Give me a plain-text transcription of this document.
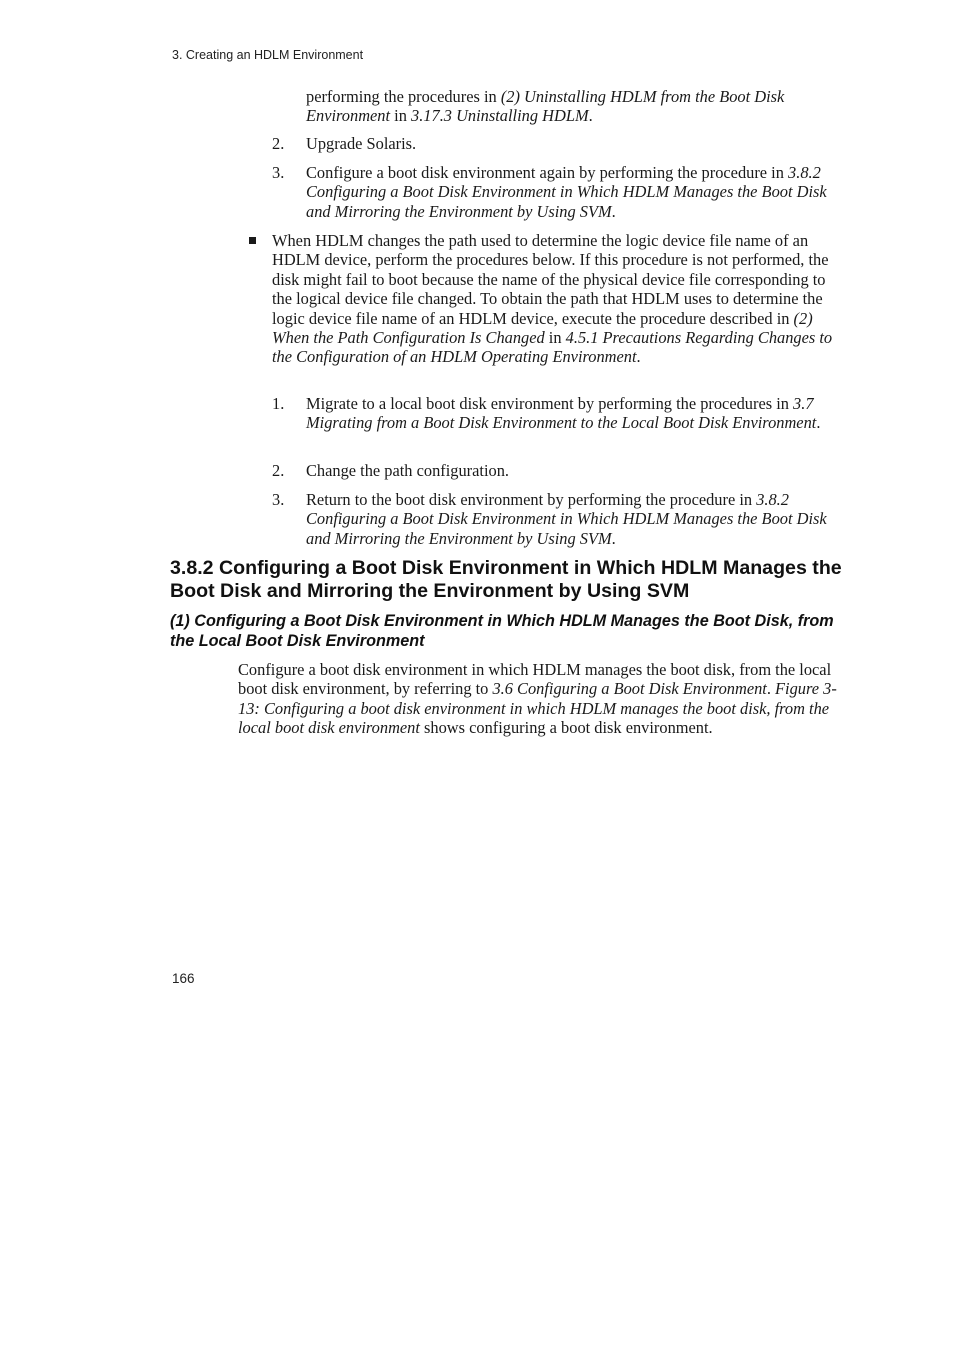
3. Creating an HDLM Environment
performing the procedures in (2) Uninstalling HDLM from the Boot Disk Environment in 3.17.3 Uninstalling HDLM.
2. Upgrade Solaris.
3. Configure a boot disk environment again by performing the procedure in 3.8.2 Configuring a Boot Disk Environment in Which HDLM Manages the Boot Disk and Mirroring the Environment by Using SVM.
When HDLM changes the path used to determine the logic device file name of an HDLM device, perform the procedures below. If this procedure is not performed, the disk might fail to boot because the name of the physical device file corresponding to the logical device file changed. To obtain the path that HDLM uses to determine the logic device file name of an HDLM device, execute the procedure described in (2) When the Path Configuration Is Changed in 4.5.1 Precautions Regarding Changes to the Configuration of an HDLM Operating Environment.
1. Migrate to a local boot disk environment by performing the procedures in 3.7 Migrating from a Boot Disk Environment to the Local Boot Disk Environment.
2. Change the path configuration.
3. Return to the boot disk environment by performing the procedure in 3.8.2 Configuring a Boot Disk Environment in Which HDLM Manages the Boot Disk and Mirroring the Environment by Using SVM.
3.8.2 Configuring a Boot Disk Environment in Which HDLM Manages the Boot Disk and Mirroring the Environment by Using SVM
(1) Configuring a Boot Disk Environment in Which HDLM Manages the Boot Disk, from the Local Boot Disk Environment
Configure a boot disk environment in which HDLM manages the boot disk, from the local boot disk environment, by referring to 3.6 Configuring a Boot Disk Environment. Figure 3-13: Configuring a boot disk environment in which HDLM manages the boot disk, from the local boot disk environment shows configuring a boot disk environment.
166
